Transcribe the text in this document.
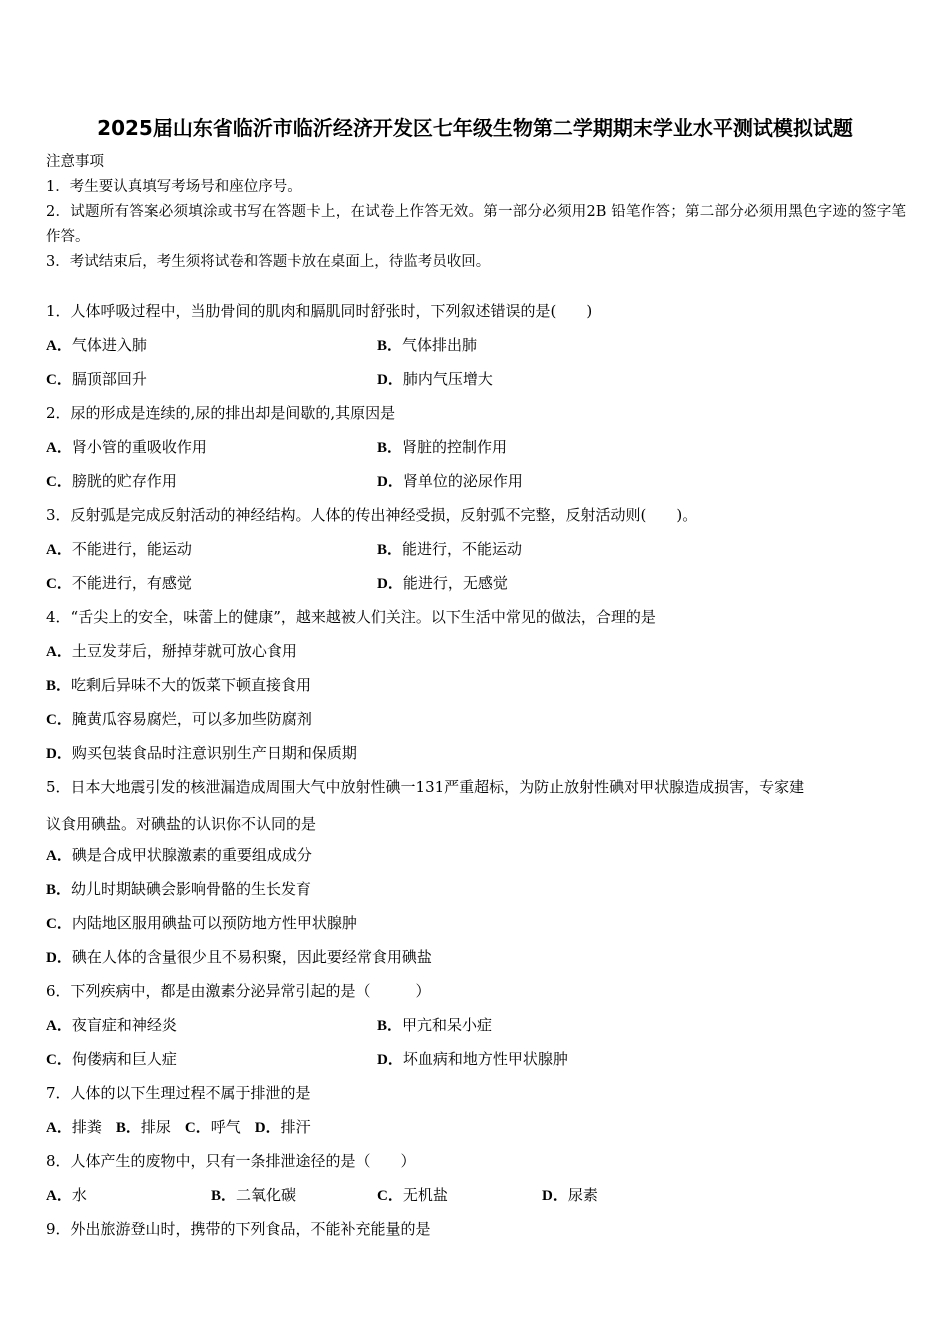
2025届山东省临沂市临沂经济开发区七年级生物第二学期期末学业水平测试模拟试题
注意事项
1．考生要认真填写考场号和座位序号。
2．试题所有答案必须填涂或书写在答题卡上，在试卷上作答无效。第一部分必须用2B 铅笔作答；第二部分必须用黑色字迹的签字笔作答。
3．考试结束后，考生须将试卷和答题卡放在桌面上，待监考员收回。
1．人体呼吸过程中，当肋骨间的肌肉和膈肌同时舒张时，下列叙述错误的是(　　)
A．气体进入肺	B．气体排出肺
C．膈顶部回升	D．肺内气压增大
2．尿的形成是连续的,尿的排出却是间歇的,其原因是
A．肾小管的重吸收作用	B．肾脏的控制作用
C．膀胱的贮存作用	D．肾单位的泌尿作用
3．反射弧是完成反射活动的神经结构。人体的传出神经受损，反射弧不完整，反射活动则(　　)。
A．不能进行，能运动	B．能进行，不能运动
C．不能进行，有感觉	D．能进行，无感觉
4．“舌尖上的安全，味蕾上的健康”，越来越被人们关注。以下生活中常见的做法，合理的是
A．土豆发芽后，掰掉芽就可放心食用
B．吃剩后异味不大的饭菜下顿直接食用
C．腌黄瓜容易腐烂，可以多加些防腐剂
D．购买包装食品时注意识别生产日期和保质期
5．日本大地震引发的核泄漏造成周围大气中放射性碘一131严重超标，为防止放射性碘对甲状腺造成损害，专家建
议食用碘盐。对碘盐的认识你不认同的是
A．碘是合成甲状腺激素的重要组成成分
B．幼儿时期缺碘会影响骨骼的生长发育
C．内陆地区服用碘盐可以预防地方性甲状腺肿
D．碘在人体的含量很少且不易积聚，因此要经常食用碘盐
6．下列疾病中，都是由激素分泌异常引起的是（　　　）
A．夜盲症和神经炎	B．甲亢和呆小症
C．佝偻病和巨人症	D．坏血病和地方性甲状腺肿
7．人体的以下生理过程不属于排泄的是
A．排粪 B．排尿 C．呼气 D．排汗
8．人体产生的废物中，只有一条排泄途径的是（　　）
A．水	B．二氧化碳	C．无机盐	D．尿素
9．外出旅游登山时，携带的下列食品，不能补充能量的是
